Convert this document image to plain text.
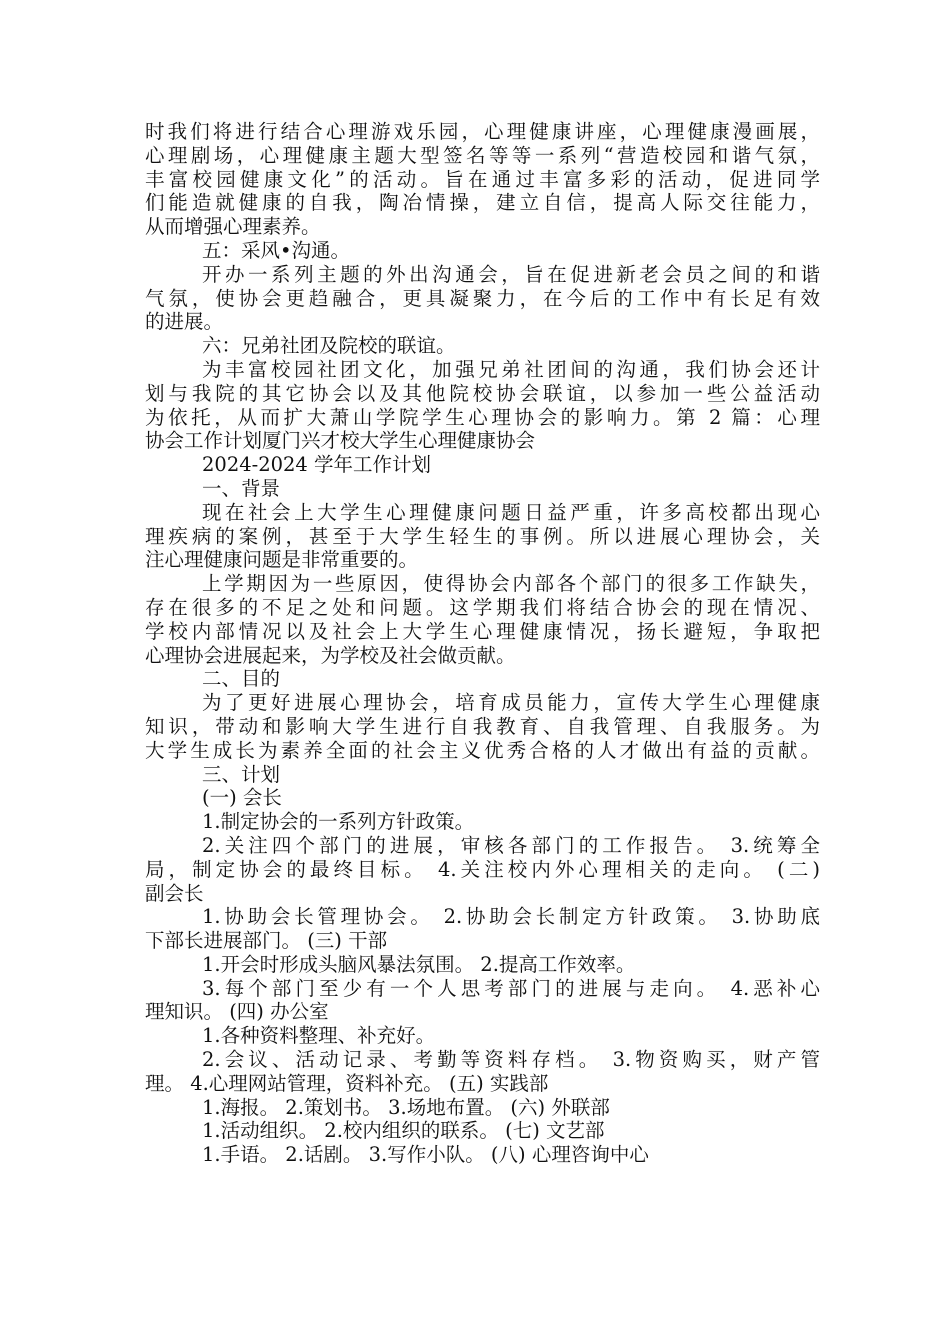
时我们将进行结合心理游戏乐园，心理健康讲座，心理健康漫画展，
心理剧场，心理健康主题大型签名等等一系列“营造校园和谐气氛，
丰富校园健康文化”的活动。旨在通过丰富多彩的活动，促进同学
们能造就健康的自我，陶冶情操，建立自信，提高人际交往能力，
从而增强心理素养。
五：采风•沟通。
开办一系列主题的外出沟通会，旨在促进新老会员之间的和谐
气氛，使协会更趋融合，更具凝聚力，在今后的工作中有长足有效
的进展。
六：兄弟社团及院校的联谊。
为丰富校园社团文化，加强兄弟社团间的沟通，我们协会还计
划与我院的其它协会以及其他院校协会联谊，以参加一些公益活动
为依托，从而扩大萧山学院学生心理协会的影响力。第 2 篇：心理
协会工作计划厦门兴才校大学生心理健康协会
2024-2024 学年工作计划
一、背景
现在社会上大学生心理健康问题日益严重，许多高校都出现心
理疾病的案例，甚至于大学生轻生的事例。所以进展心理协会，关
注心理健康问题是非常重要的。
上学期因为一些原因，使得协会内部各个部门的很多工作缺失，
存在很多的不足之处和问题。这学期我们将结合协会的现在情况、
学校内部情况以及社会上大学生心理健康情况，扬长避短，争取把
心理协会进展起来，为学校及社会做贡献。
二、目的
为了更好进展心理协会，培育成员能力，宣传大学生心理健康
知识，带动和影响大学生进行自我教育、自我管理、自我服务。为
大学生成长为素养全面的社会主义优秀合格的人才做出有益的贡献。
三、计划
(一) 会长
1.制定协会的一系列方针政策。
2.关注四个部门的进展，审核各部门的工作报告。 3.统筹全
局，制定协会的最终目标。 4.关注校内外心理相关的走向。 (二)
副会长
1.协助会长管理协会。 2.协助会长制定方针政策。 3.协助底
下部长进展部门。 (三) 干部
1.开会时形成头脑风暴法氛围。 2.提高工作效率。
3.每个部门至少有一个人思考部门的进展与走向。 4.恶补心
理知识。 (四) 办公室
1.各种资料整理、补充好。
2.会议、活动记录、考勤等资料存档。 3.物资购买，财产管
理。 4.心理网站管理，资料补充。 (五) 实践部
1.海报。 2.策划书。 3.场地布置。 (六) 外联部
1.活动组织。 2.校内组织的联系。 (七) 文艺部
1.手语。 2.话剧。 3.写作小队。 (八) 心理咨询中心
